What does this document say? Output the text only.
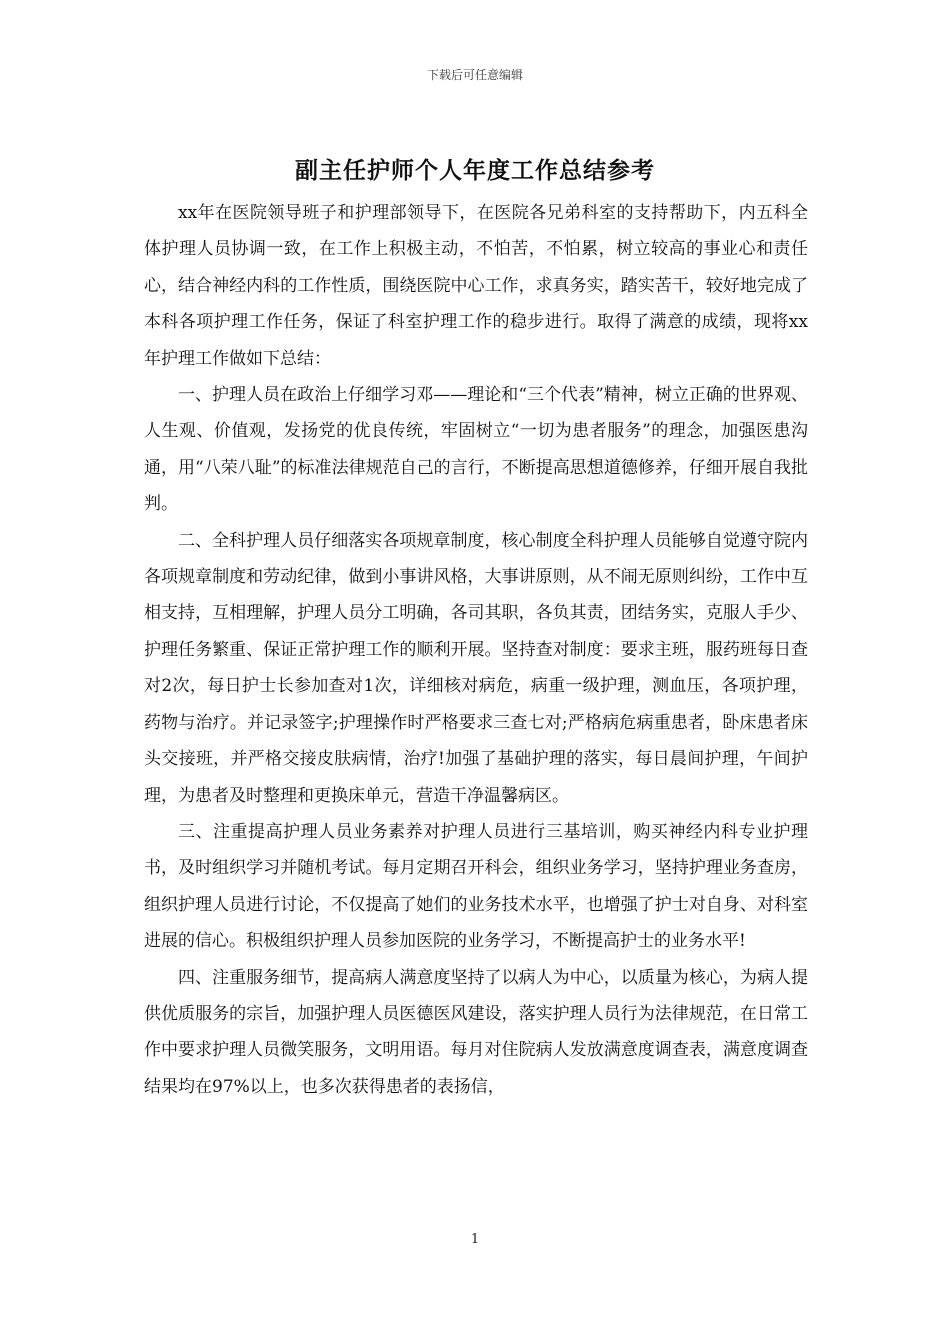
下载后可任意编辑
副主任护师个人年度工作总结参考

xx年在医院领导班子和护理部领导下，在医院各兄弟科室的支持帮助下，内五科全体护理人员协调一致，在工作上积极主动，不怕苦，不怕累，树立较高的事业心和责任心，结合神经内科的工作性质，围绕医院中心工作，求真务实，踏实苦干，较好地完成了本科各项护理工作任务，保证了科室护理工作的稳步进行。取得了满意的成绩，现将xx年护理工作做如下总结：

一、护理人员在政治上仔细学习邓——理论和“三个代表”精神，树立正确的世界观、人生观、价值观，发扬党的优良传统，牢固树立“一切为患者服务”的理念，加强医患沟通，用“八荣八耻”的标准法律规范自己的言行，不断提高思想道德修养，仔细开展自我批判。

二、全科护理人员仔细落实各项规章制度，核心制度全科护理人员能够自觉遵守院内各项规章制度和劳动纪律，做到小事讲风格，大事讲原则，从不闹无原则纠纷，工作中互相支持，互相理解，护理人员分工明确，各司其职，各负其责，团结务实，克服人手少、护理任务繁重、保证正常护理工作的顺利开展。坚持查对制度：要求主班，服药班每日查对2次，每日护士长参加查对1次，详细核对病危，病重一级护理，测血压，各项护理，药物与治疗。并记录签字;护理操作时严格要求三查七对;严格病危病重患者，卧床患者床头交接班，并严格交接皮肤病情，治疗!加强了基础护理的落实，每日晨间护理，午间护理，为患者及时整理和更换床单元，营造干净温馨病区。

三、注重提高护理人员业务素养对护理人员进行三基培训，购买神经内科专业护理书，及时组织学习并随机考试。每月定期召开科会，组织业务学习，坚持护理业务查房，组织护理人员进行讨论，不仅提高了她们的业务技术水平，也增强了护士对自身、对科室进展的信心。积极组织护理人员参加医院的业务学习，不断提高护士的业务水平!

四、注重服务细节，提高病人满意度坚持了以病人为中心，以质量为核心，为病人提供优质服务的宗旨，加强护理人员医德医风建设，落实护理人员行为法律规范，在日常工作中要求护理人员微笑服务，文明用语。每月对住院病人发放满意度调查表，满意度调查结果均在97%以上，也多次获得患者的表扬信，

1
